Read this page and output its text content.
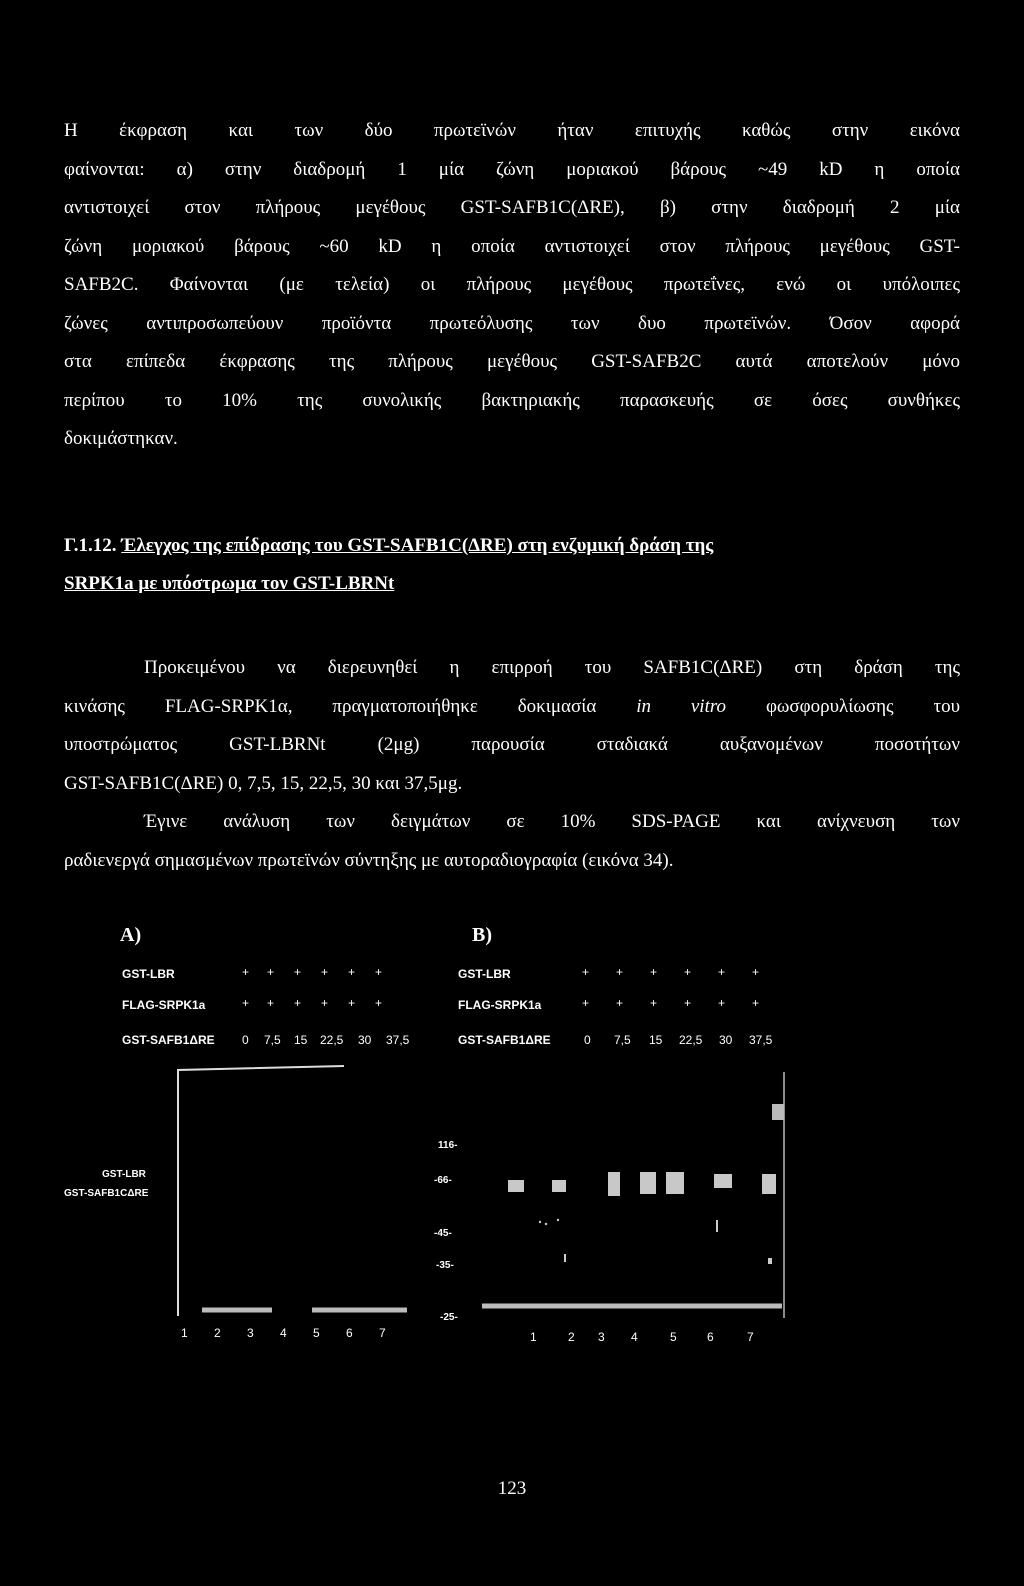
Η έκφραση και των δύο πρωτεϊνών ήταν επιτυχής καθώς στην εικόνα
φαίνονται: α) στην διαδρομή 1 μία ζώνη μοριακού βάρους ~49 kD η οποία
αντιστοιχεί στον πλήρους μεγέθους GST-SAFB1C(ΔRE), β) στην διαδρομή 2 μία
ζώνη μοριακού βάρους ~60 kD η οποία αντιστοιχεί στον πλήρους μεγέθους GST-
SAFB2C. Φαίνονται (με τελεία) οι πλήρους μεγέθους πρωτεΐνες, ενώ οι υπόλοιπες
ζώνες αντιπροσωπεύουν προϊόντα πρωτεόλυσης των δυο πρωτεϊνών. Όσον αφορά
στα επίπεδα έκφρασης της πλήρους μεγέθους GST-SAFB2C αυτά αποτελούν μόνο
περίπου το 10% της συνολικής βακτηριακής παρασκευής σε όσες συνθήκες
δοκιμάστηκαν.
Γ.1.12. Έλεγχος της επίδρασης του GST-SAFB1C(ΔRE) στη ενζυμική δράση της
SRPK1a με υπόστρωμα τον GST-LBRNt
Προκειμένου να διερευνηθεί η επιρροή του SAFB1C(ΔRE) στη δράση της
κινάσης FLAG-SRPK1α, πραγματοποιήθηκε δοκιμασία in vitro φωσφορυλίωσης του
υποστρώματος GST-LBRNt (2μg) παρουσία σταδιακά αυξανομένων ποσοτήτων
GST-SAFB1C(ΔRE) 0, 7,5, 15, 22,5, 30 και 37,5μg.
Έγινε ανάλυση των δειγμάτων σε 10% SDS-PAGE και ανίχνευση των
ραδιενεργά σημασμένων πρωτεϊνών σύντηξης με αυτοραδιογραφία (εικόνα 34).
A)
GST-LBR	+	+	+	+	+	+
FLAG-SRPK1a	+	+	+	+	+	+
GST-SAFB1ΔRE 0	7,5	15	22,5	30	37,5
GST-LBR
GST-SAFB1CΔRE
1	2	3	4	5	6	7
B)
GST-LBR	+	+	+	+	+	+
FLAG-SRPK1a	+	+	+	+	+	+
GST-SAFB1ΔRE	0	7,5	15	22,5	30	37,5
116-
-66-
-45-
-35-
-25-
1	2	3	4	5	6	7
123
